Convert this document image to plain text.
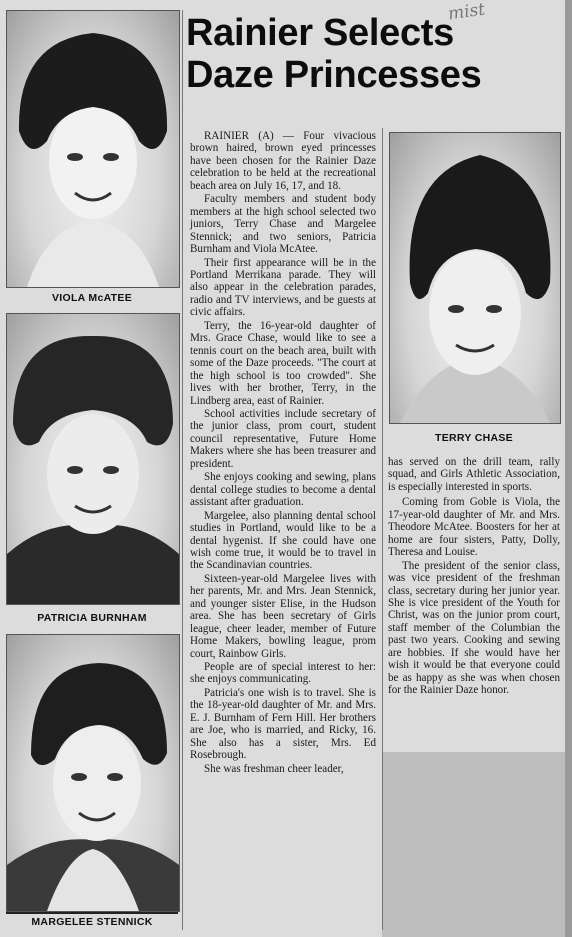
mist
Rainier Selects
Daze Princesses
VIOLA McATEE
PATRICIA BURNHAM
MARGELEE STENNICK
TERRY CHASE

RAINIER (A) — Four vivacious brown haired, brown eyed princesses have been chosen for the Rainier Daze celebration to be held at the recreational beach area on July 16, 17, and 18.

Faculty members and student body members at the high school selected two juniors, Terry Chase and Margelee Stennick; and two seniors, Patricia Burnham and Viola McAtee.

Their first appearance will be in the Portland Merrikana parade. They will also appear in the celebration parades, radio and TV interviews, and be guests at civic affairs.

Terry, the 16-year-old daughter of Mrs. Grace Chase, would like to see a tennis court on the beach area, built with some of the Daze proceeds. "The court at the high school is too crowded". She lives with her brother, Terry, in the Lindberg area, east of Rainier.

School activities include secretary of the junior class, prom court, student council representative, Future Home Makers where she has been treasurer and president.

She enjoys cooking and sewing, plans dental college studies to become a dental assistant after graduation.

Margelee, also planning dental school studies in Portland, would like to be a dental hygenist. If she could have one wish come true, it would be to travel in the Scandinavian countries.

Sixteen-year-old Margelee lives with her parents, Mr. and Mrs. Jean Stennick, and younger sister Elise, in the Hudson area. She has been secretary of Girls league, cheer leader, member of Future Home Makers, bowling league, prom court, Rainbow Girls.

People are of special interest to her: she enjoys communicating.

Patricia's one wish is to travel. She is the 18-year-old daughter of Mr. and Mrs. E. J. Burnham of Fern Hill. Her brothers are Joe, who is married, and Ricky, 16. She also has a sister, Mrs. Ed Rosebrough.

She was freshman cheer leader,

has served on the drill team, rally squad, and Girls Athletic Association, is especially interested in sports.

Coming from Goble is Viola, the 17-year-old daughter of Mr. and Mrs. Theodore McAtee. Boosters for her at home are four sisters, Patty, Dolly, Theresa and Louise.

The president of the senior class, was vice president of the freshman class, secretary during her junior year. She is vice president of the Youth for Christ, was on the junior prom court, staff member of the Columbian the past two years. Cooking and sewing are hobbies. If she would have her wish it would be that everyone could be as happy as she was when chosen for the Rainier Daze honor.
